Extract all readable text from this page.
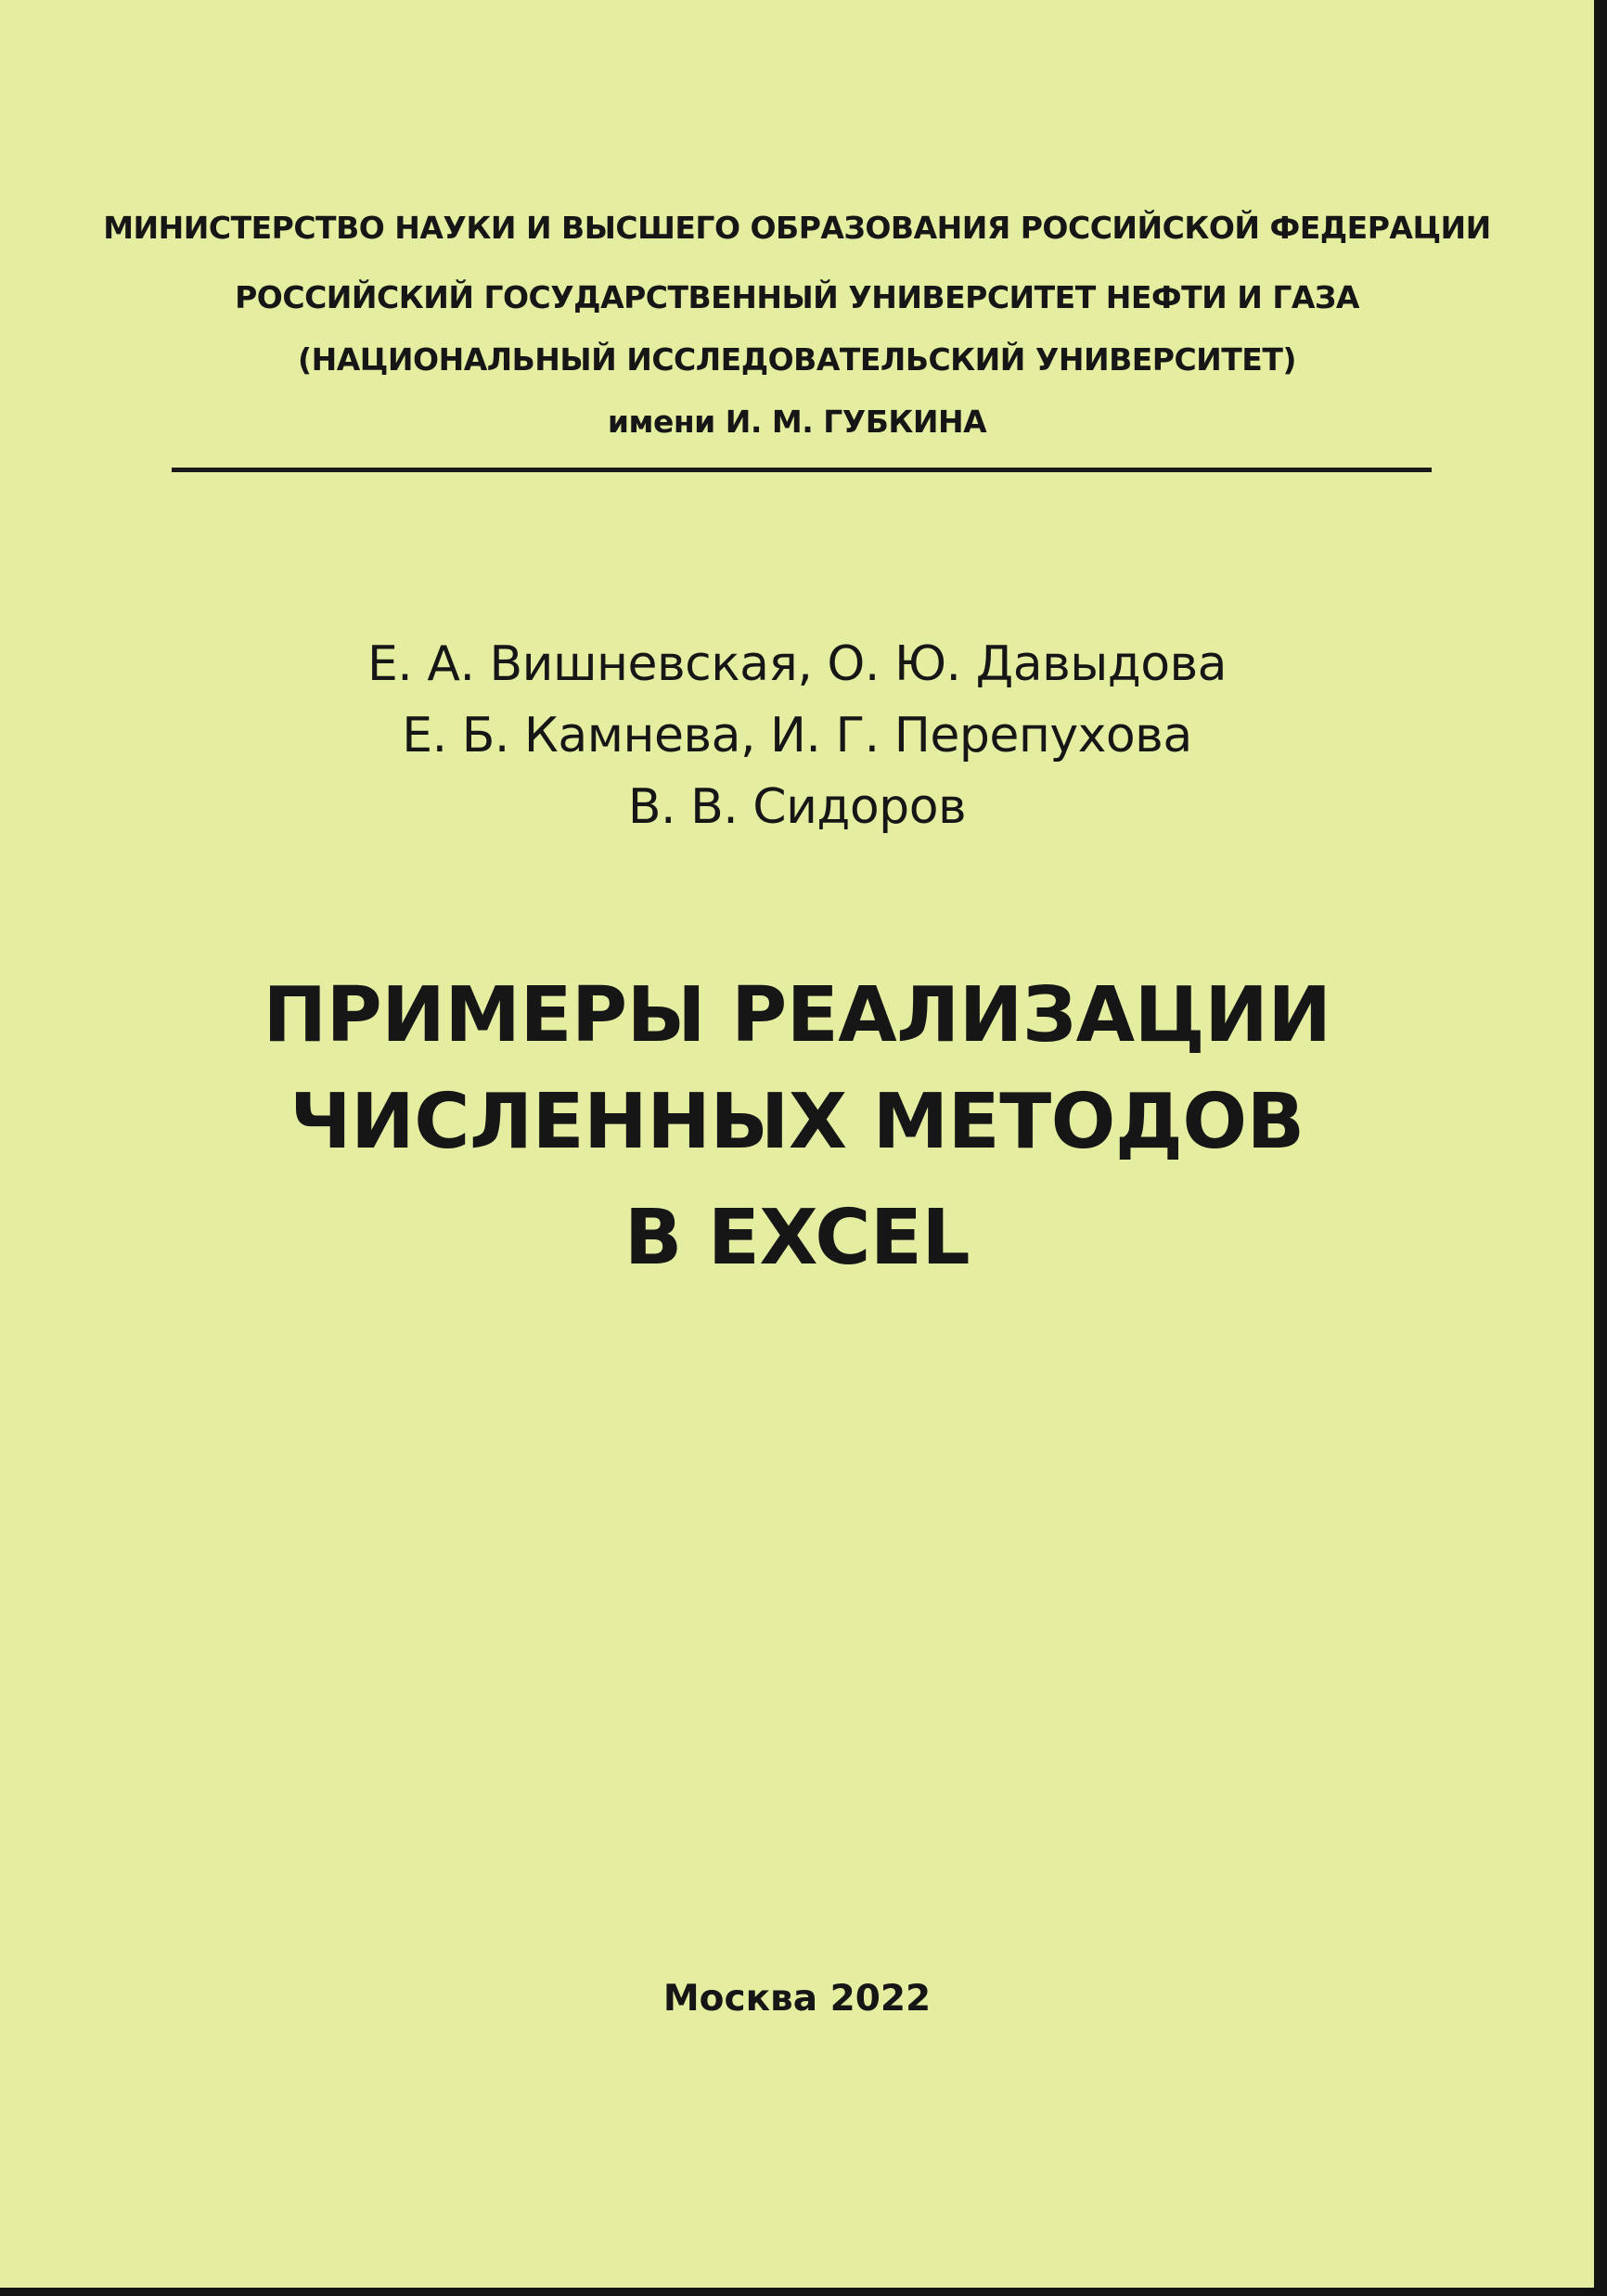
МИНИСТЕРСТВО НАУКИ И ВЫСШЕГО ОБРАЗОВАНИЯ РОССИЙСКОЙ ФЕДЕРАЦИИ
РОССИЙСКИЙ ГОСУДАРСТВЕННЫЙ УНИВЕРСИТЕТ НЕФТИ И ГАЗА
(НАЦИОНАЛЬНЫЙ ИССЛЕДОВАТЕЛЬСКИЙ УНИВЕРСИТЕТ)
имени И. М. ГУБКИНА
Е. А. Вишневская, О. Ю. Давыдова
Е. Б. Камнева, И. Г. Перепухова
В. В. Сидоров
ПРИМЕРЫ РЕАЛИЗАЦИИ
ЧИСЛЕННЫХ МЕТОДОВ
В EXCEL
Москва 2022
